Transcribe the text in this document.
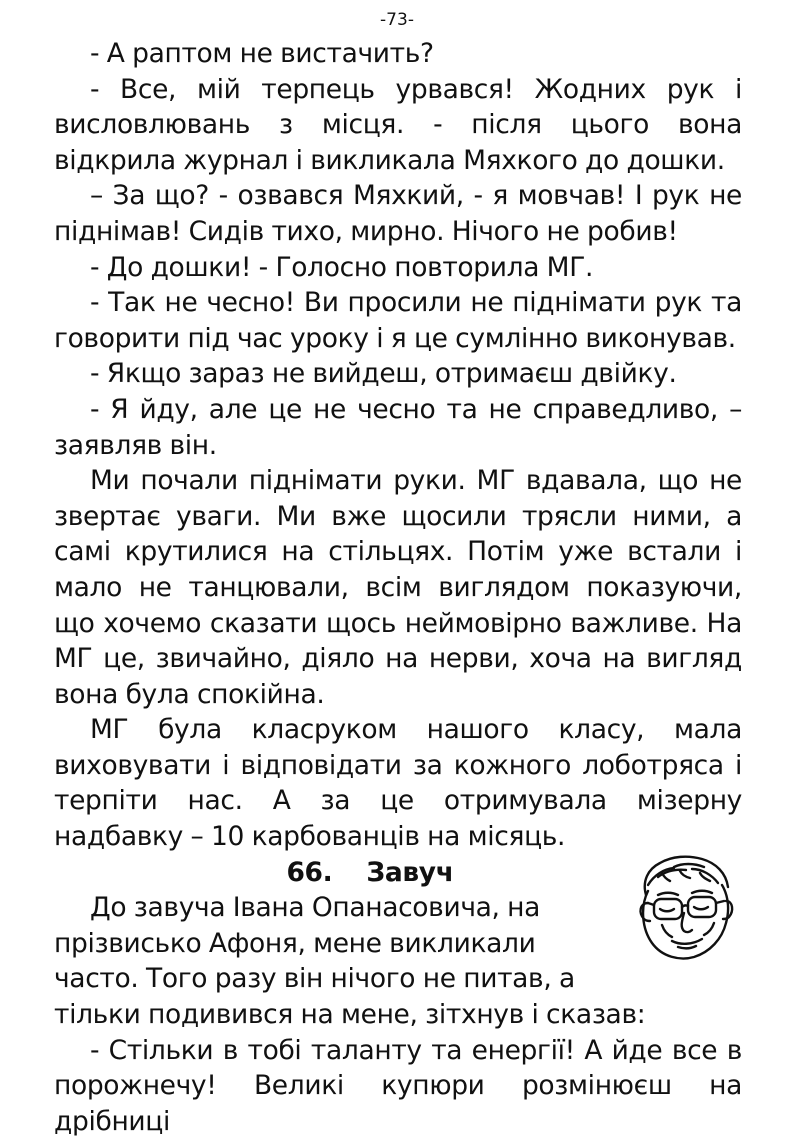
-73-

- А раптом не вистачить?

- Все, мій терпець урвався! Жодних рук і висловлювань з місця. - після цього вона відкрила журнал і викликала Мяхкого до дошки.

– За що? - озвався Мяхкий, - я мовчав! І рук не піднімав! Сидів тихо, мирно. Нічого не робив!

- До дошки! - Голосно повторила МГ.

- Так не чесно! Ви просили не піднімати рук та говорити під час уроку і я це сумлінно виконував.

- Якщо зараз не вийдеш, отримаєш двійку.

- Я йду, але це не чесно та не справедливо, – заявляв він.

Ми почали піднімати руки. МГ вдавала, що не звертає уваги. Ми вже щосили трясли ними, а самі крутилися на стільцях. Потім уже встали і мало не танцювали, всім виглядом показуючи, що хочемо сказати щось неймовірно важливе. На МГ це, звичайно, діяло на нерви, хоча на вигляд вона була спокійна.

МГ була класруком нашого класу, мала виховувати і відповідати за кожного лоботряса і терпіти нас. А за це отримувала мізерну надбавку – 10 карбованців на місяць.

66. Завуч

До завуча Івана Опанасовича, на прізвисько Афоня, мене викликали часто. Того разу він нічого не питав, а тільки подивився на мене, зітхнув і сказав:

- Стільки в тобі таланту та енергії! А йде все в порожнечу! Великі купюри розмінюєш на дрібниці
